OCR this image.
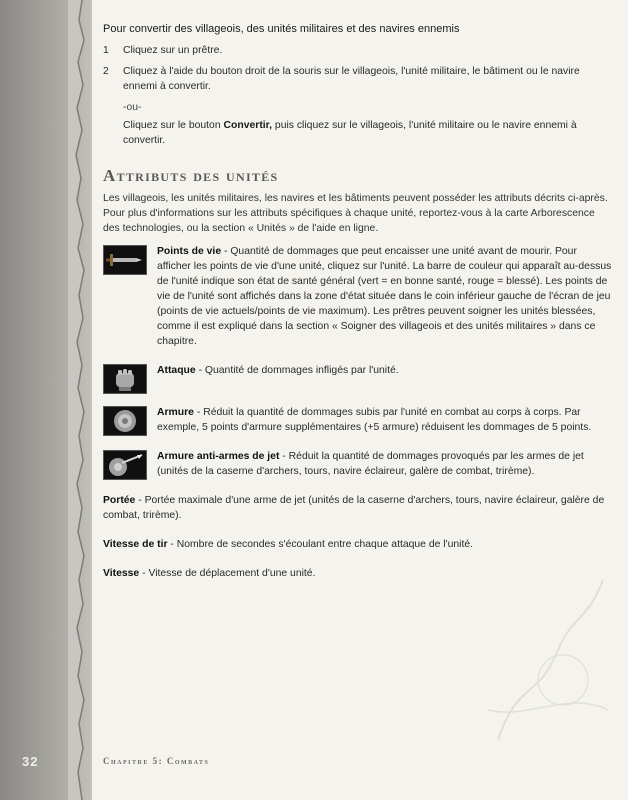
Pour convertir des villageois, des unités militaires et des navires ennemis
1 Cliquez sur un prêtre.
2 Cliquez à l'aide du bouton droit de la souris sur le villageois, l'unité militaire, le bâtiment ou le navire ennemi à convertir.
-ou-
Cliquez sur le bouton Convertir, puis cliquez sur le villageois, l'unité militaire ou le navire ennemi à convertir.
Attributs des unités
Les villageois, les unités militaires, les navires et les bâtiments peuvent posséder les attributs décrits ci-après. Pour plus d'informations sur les attributs spécifiques à chaque unité, reportez-vous à la carte Arborescence des technologies, ou la section « Unités » de l'aide en ligne.
Points de vie - Quantité de dommages que peut encaisser une unité avant de mourir. Pour afficher les points de vie d'une unité, cliquez sur l'unité. La barre de couleur qui apparaît au-dessus de l'unité indique son état de santé général (vert = en bonne santé, rouge = blessé). Les points de vie de l'unité sont affichés dans la zone d'état située dans le coin inférieur gauche de l'écran de jeu (points de vie actuels/points de vie maximum). Les prêtres peuvent soigner les unités blessées, comme il est expliqué dans la section « Soigner des villageois et des unités militaires » dans ce chapitre.
Attaque - Quantité de dommages infligés par l'unité.
Armure - Réduit la quantité de dommages subis par l'unité en combat au corps à corps. Par exemple, 5 points d'armure supplémentaires (+5 armure) réduisent les dommages de 5 points.
Armure anti-armes de jet - Réduit la quantité de dommages provoqués par les armes de jet (unités de la caserne d'archers, tours, navire éclaireur, galère de combat, trirème).
Portée - Portée maximale d'une arme de jet (unités de la caserne d'archers, tours, navire éclaireur, galère de combat, trirème).
Vitesse de tir - Nombre de secondes s'écoulant entre chaque attaque de l'unité.
Vitesse - Vitesse de déplacement d'une unité.
32	Chapitre 5: Combats
